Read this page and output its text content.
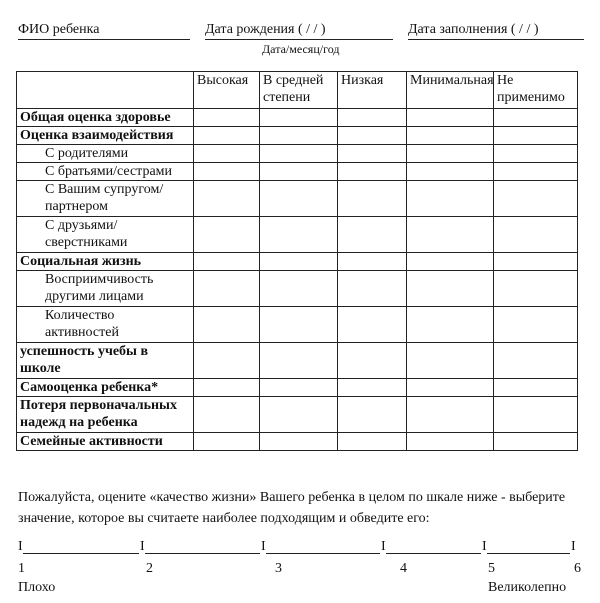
ФИО ребенка	Дата рождения ( / / )	Дата заполнения ( / / )
Дата/месяц/год
	Высокая	В средней степени	Низкая	Минимальная	Не применимо
Общая оценка здоровье					
Оценка взаимодействия					
С родителями					
С братьями/сестрами					
С Вашим супругом/партнером					
С друзьями/ сверстниками					
Социальная жизнь					
Восприимчивость другими лицами					
Количество активностей					
успешность учебы в школе					
Самооценка ребенка*					
Потеря первоначальных надежд на ребенка					
Семейные активности					
Пожалуйста, оцените «качество жизни» Вашего ребенка в целом по шкале ниже - выберите значение, которое вы считаете наиболее подходящим и обведите его:
I
1
I
2
I
3
I
4
I
5
I
6
Плохо	Великолепно
